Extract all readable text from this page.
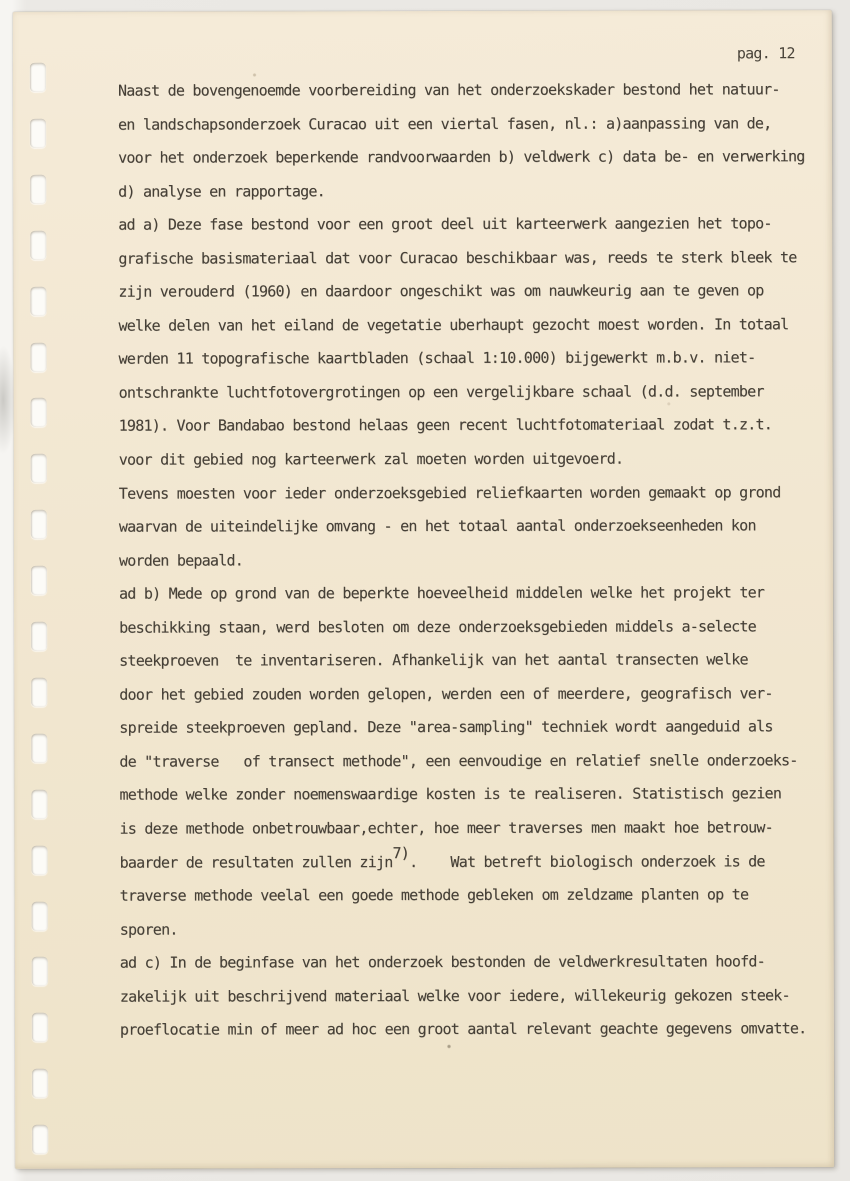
pag. 12
Naast de bovengenoemde voorbereiding van het onderzoekskader bestond het natuur-
en landschapsonderzoek Curacao uit een viertal fasen, nl.: a)aanpassing van de,
voor het onderzoek beperkende randvoorwaarden b) veldwerk c) data be- en verwerking
d) analyse en rapportage.
ad a) Deze fase bestond voor een groot deel uit karteerwerk aangezien het topo-
grafische basismateriaal dat voor Curacao beschikbaar was, reeds te sterk bleek te
zijn verouderd (1960) en daardoor ongeschikt was om nauwkeurig aan te geven op
welke delen van het eiland de vegetatie uberhaupt gezocht moest worden. In totaal
werden 11 topografische kaartbladen (schaal 1:10.000) bijgewerkt m.b.v. niet-
ontschrankte luchtfotovergrotingen op een vergelijkbare schaal (d.d. september
1981). Voor Bandabao bestond helaas geen recent luchtfotomateriaal zodat t.z.t.
voor dit gebied nog karteerwerk zal moeten worden uitgevoerd.
Tevens moesten voor ieder onderzoeksgebied reliefkaarten worden gemaakt op grond
waarvan de uiteindelijke omvang - en het totaal aantal onderzoekseenheden kon
worden bepaald.
ad b) Mede op grond van de beperkte hoeveelheid middelen welke het projekt ter
beschikking staan, werd besloten om deze onderzoeksgebieden middels a-selecte
steekproeven  te inventariseren. Afhankelijk van het aantal transecten welke
door het gebied zouden worden gelopen, werden een of meerdere, geografisch ver-
spreide steekproeven gepland. Deze "area-sampling" techniek wordt aangeduid als
de "traverse   of transect methode", een eenvoudige en relatief snelle onderzoeks-
methode welke zonder noemenswaardige kosten is te realiseren. Statistisch gezien
is deze methode onbetrouwbaar,echter, hoe meer traverses men maakt hoe betrouw-
baarder de resultaten zullen zijn7).    Wat betreft biologisch onderzoek is de
traverse methode veelal een goede methode gebleken om zeldzame planten op te
sporen.
ad c) In de beginfase van het onderzoek bestonden de veldwerkresultaten hoofd-
zakelijk uit beschrijvend materiaal welke voor iedere, willekeurig gekozen steek-
proeflocatie min of meer ad hoc een groot aantal relevant geachte gegevens omvatte.
